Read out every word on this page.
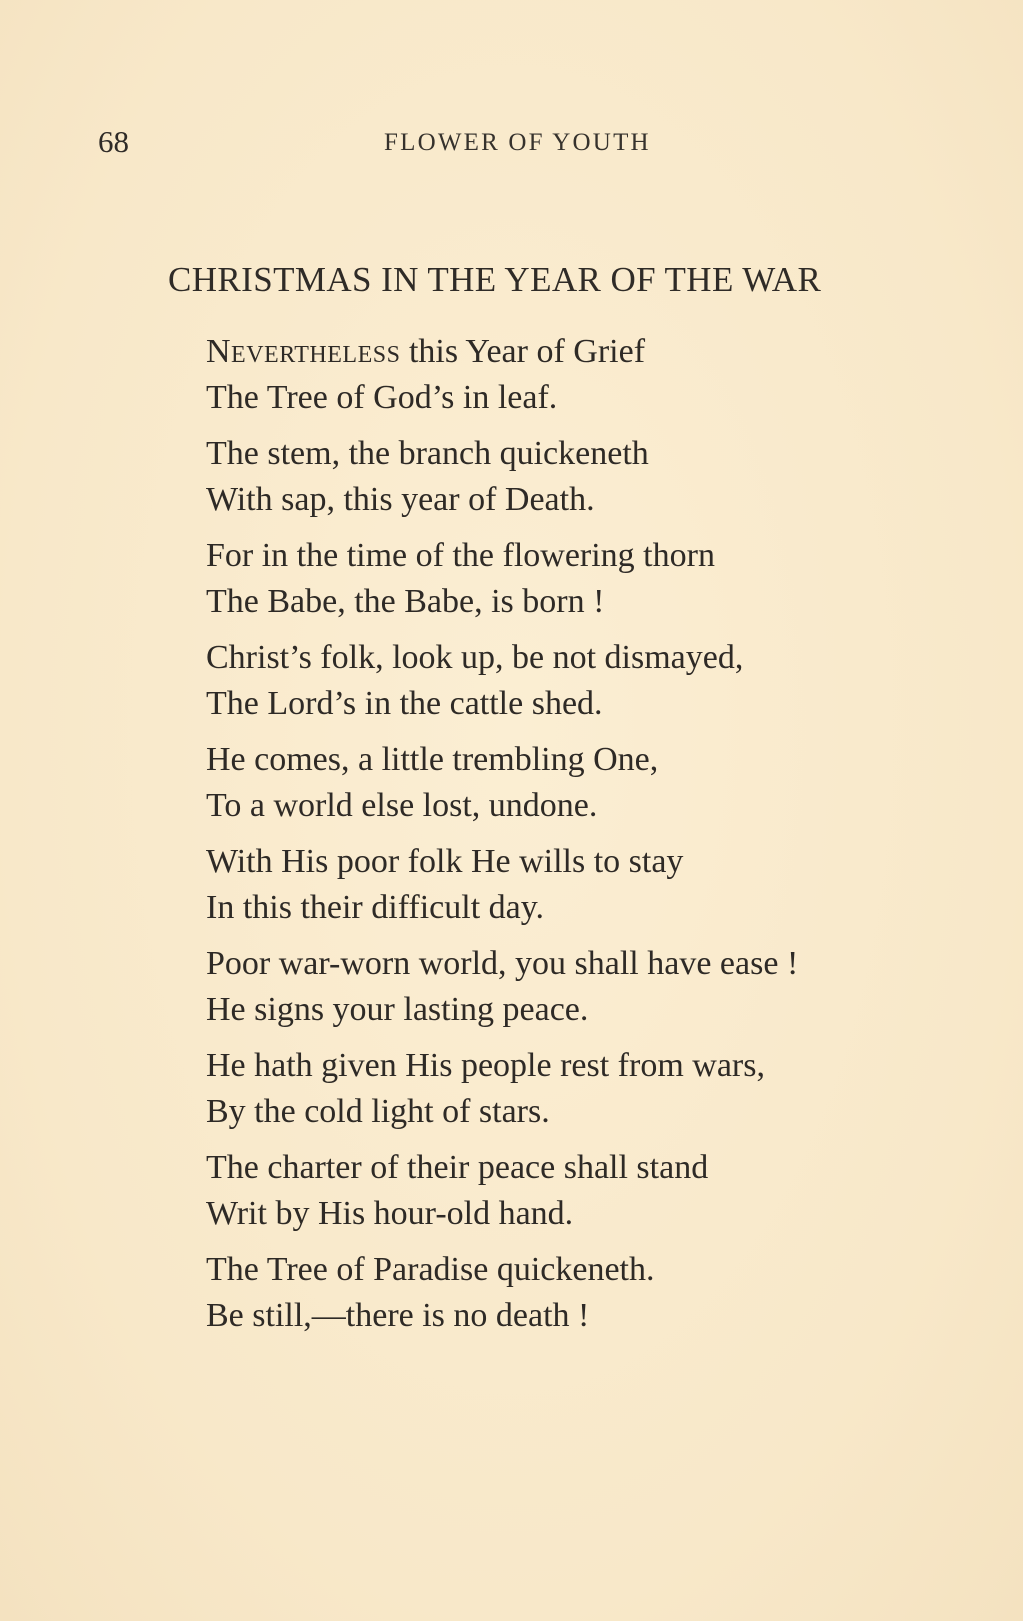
68	FLOWER OF YOUTH
CHRISTMAS IN THE YEAR OF THE WAR
Nevertheless this Year of Grief
The Tree of God’s in leaf.
The stem, the branch quickeneth
With sap, this year of Death.
For in the time of the flowering thorn
The Babe, the Babe, is born !
Christ’s folk, look up, be not dismayed,
The Lord’s in the cattle shed.
He comes, a little trembling One,
To a world else lost, undone.
With His poor folk He wills to stay
In this their difficult day.
Poor war-worn world, you shall have ease !
He signs your lasting peace.
He hath given His people rest from wars,
By the cold light of stars.
The charter of their peace shall stand
Writ by His hour-old hand.
The Tree of Paradise quickeneth.
Be still,—there is no death !
